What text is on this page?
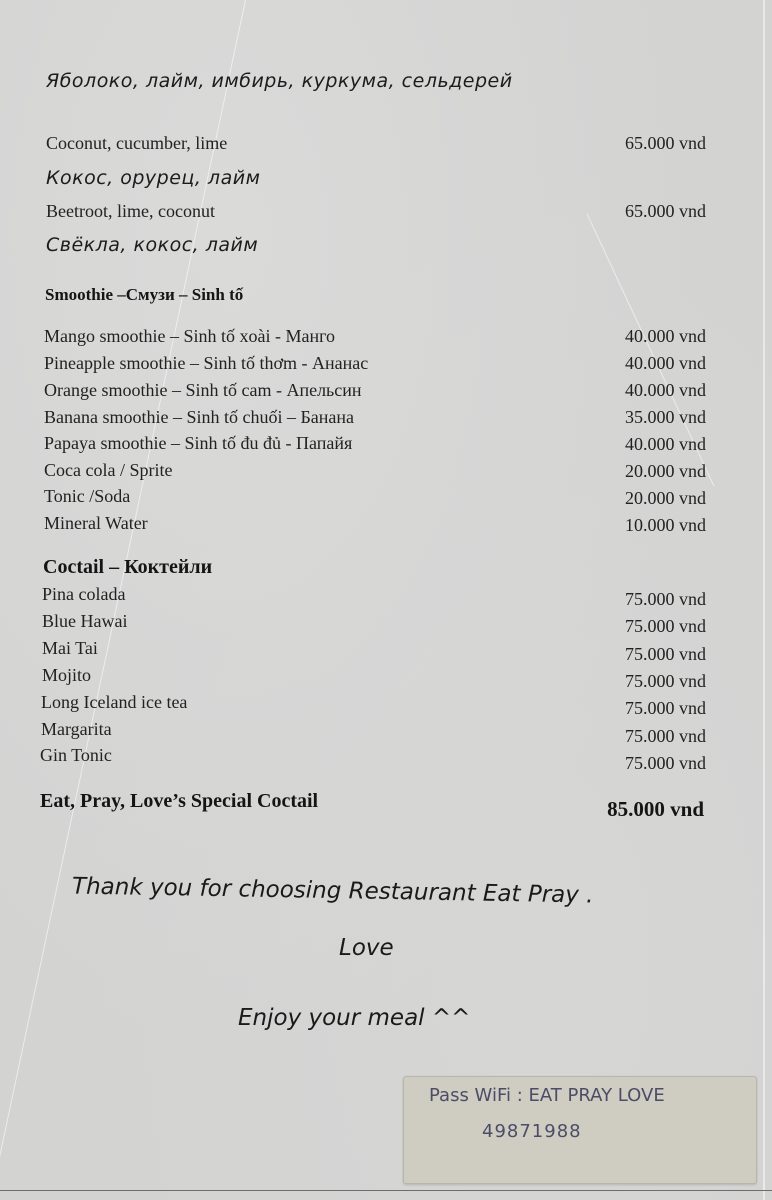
Яболоко, лайм, имбирь, куркума, сельдерей
Coconut, cucumber, lime	65.000 vnd
Кокос, орурец, лайм
Beetroot, lime, coconut	65.000 vnd
Свёкла, кокос, лайм
Smoothie –Смузи – Sinh tố
Mango smoothie – Sinh tố xoài - Манго	40.000 vnd
Pineapple smoothie – Sinh tố thơm - Ананас	40.000 vnd
Orange smoothie – Sinh tố cam - Апельсин	40.000 vnd
Banana smoothie – Sinh tố chuối – Банана	35.000 vnd
Papaya smoothie – Sinh tố đu đủ - Папайя	40.000 vnd
Coca cola / Sprite	20.000 vnd
Tonic /Soda	20.000 vnd
Mineral Water	10.000 vnd
Coctail – Коктейли
Pina colada	75.000 vnd
Blue Hawai	75.000 vnd
Mai Tai	75.000 vnd
Mojito	75.000 vnd
Long Iceland ice tea	75.000 vnd
Margarita	75.000 vnd
Gin Tonic	75.000 vnd
Eat, Pray, Love’s Special Coctail	85.000 vnd
Thank you for choosing Restaurant Eat Pray .
Love
Enjoy your meal ^^
Pass WiFi : EAT PRAY LOVE
49871988
